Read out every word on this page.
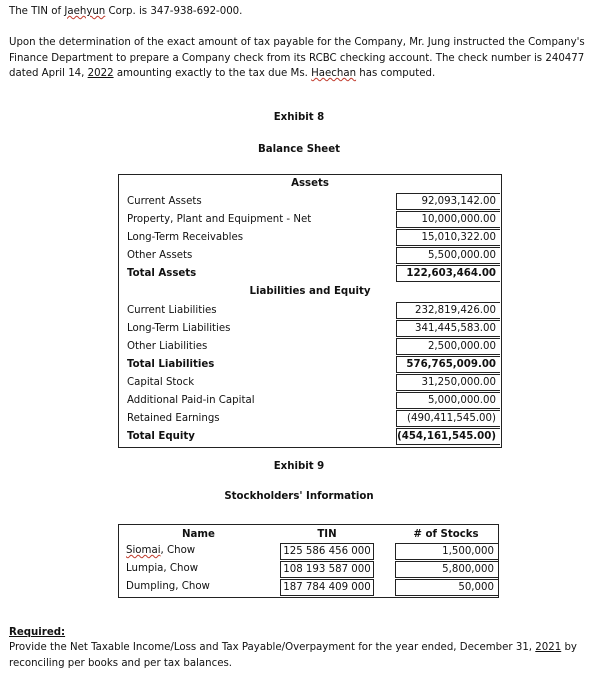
The TIN of Jaehyun Corp. is 347-938-692-000.

Upon the determination of the exact amount of tax payable for the Company, Mr. Jung instructed the Company's Finance Department to prepare a Company check from its RCBC checking account. The check number is 240477 dated April 14, 2022 amounting exactly to the tax due Ms. Haechan has computed.

Exhibit 8
Balance Sheet
Assets
Current Assets	92,093,142.00
Property, Plant and Equipment - Net	10,000,000.00
Long-Term Receivables	15,010,322.00
Other Assets	5,500,000.00
Total Assets	122,603,464.00
Liabilities and Equity
Current Liabilities	232,819,426.00
Long-Term Liabilities	341,445,583.00
Other Liabilities	2,500,000.00
Total Liabilities	576,765,009.00
Capital Stock	31,250,000.00
Additional Paid-in Capital	5,000,000.00
Retained Earnings	(490,411,545.00)
Total Equity	(454,161,545.00)
Exhibit 9
Stockholders' Information
Name	TIN	# of Stocks
Siomai, Chow	125 586 456 000	1,500,000
Lumpia, Chow	108 193 587 000	5,800,000
Dumpling, Chow	187 784 409 000	50,000
Required:

Provide the Net Taxable Income/Loss and Tax Payable/Overpayment for the year ended, December 31, 2021 by reconciling per books and per tax balances.
